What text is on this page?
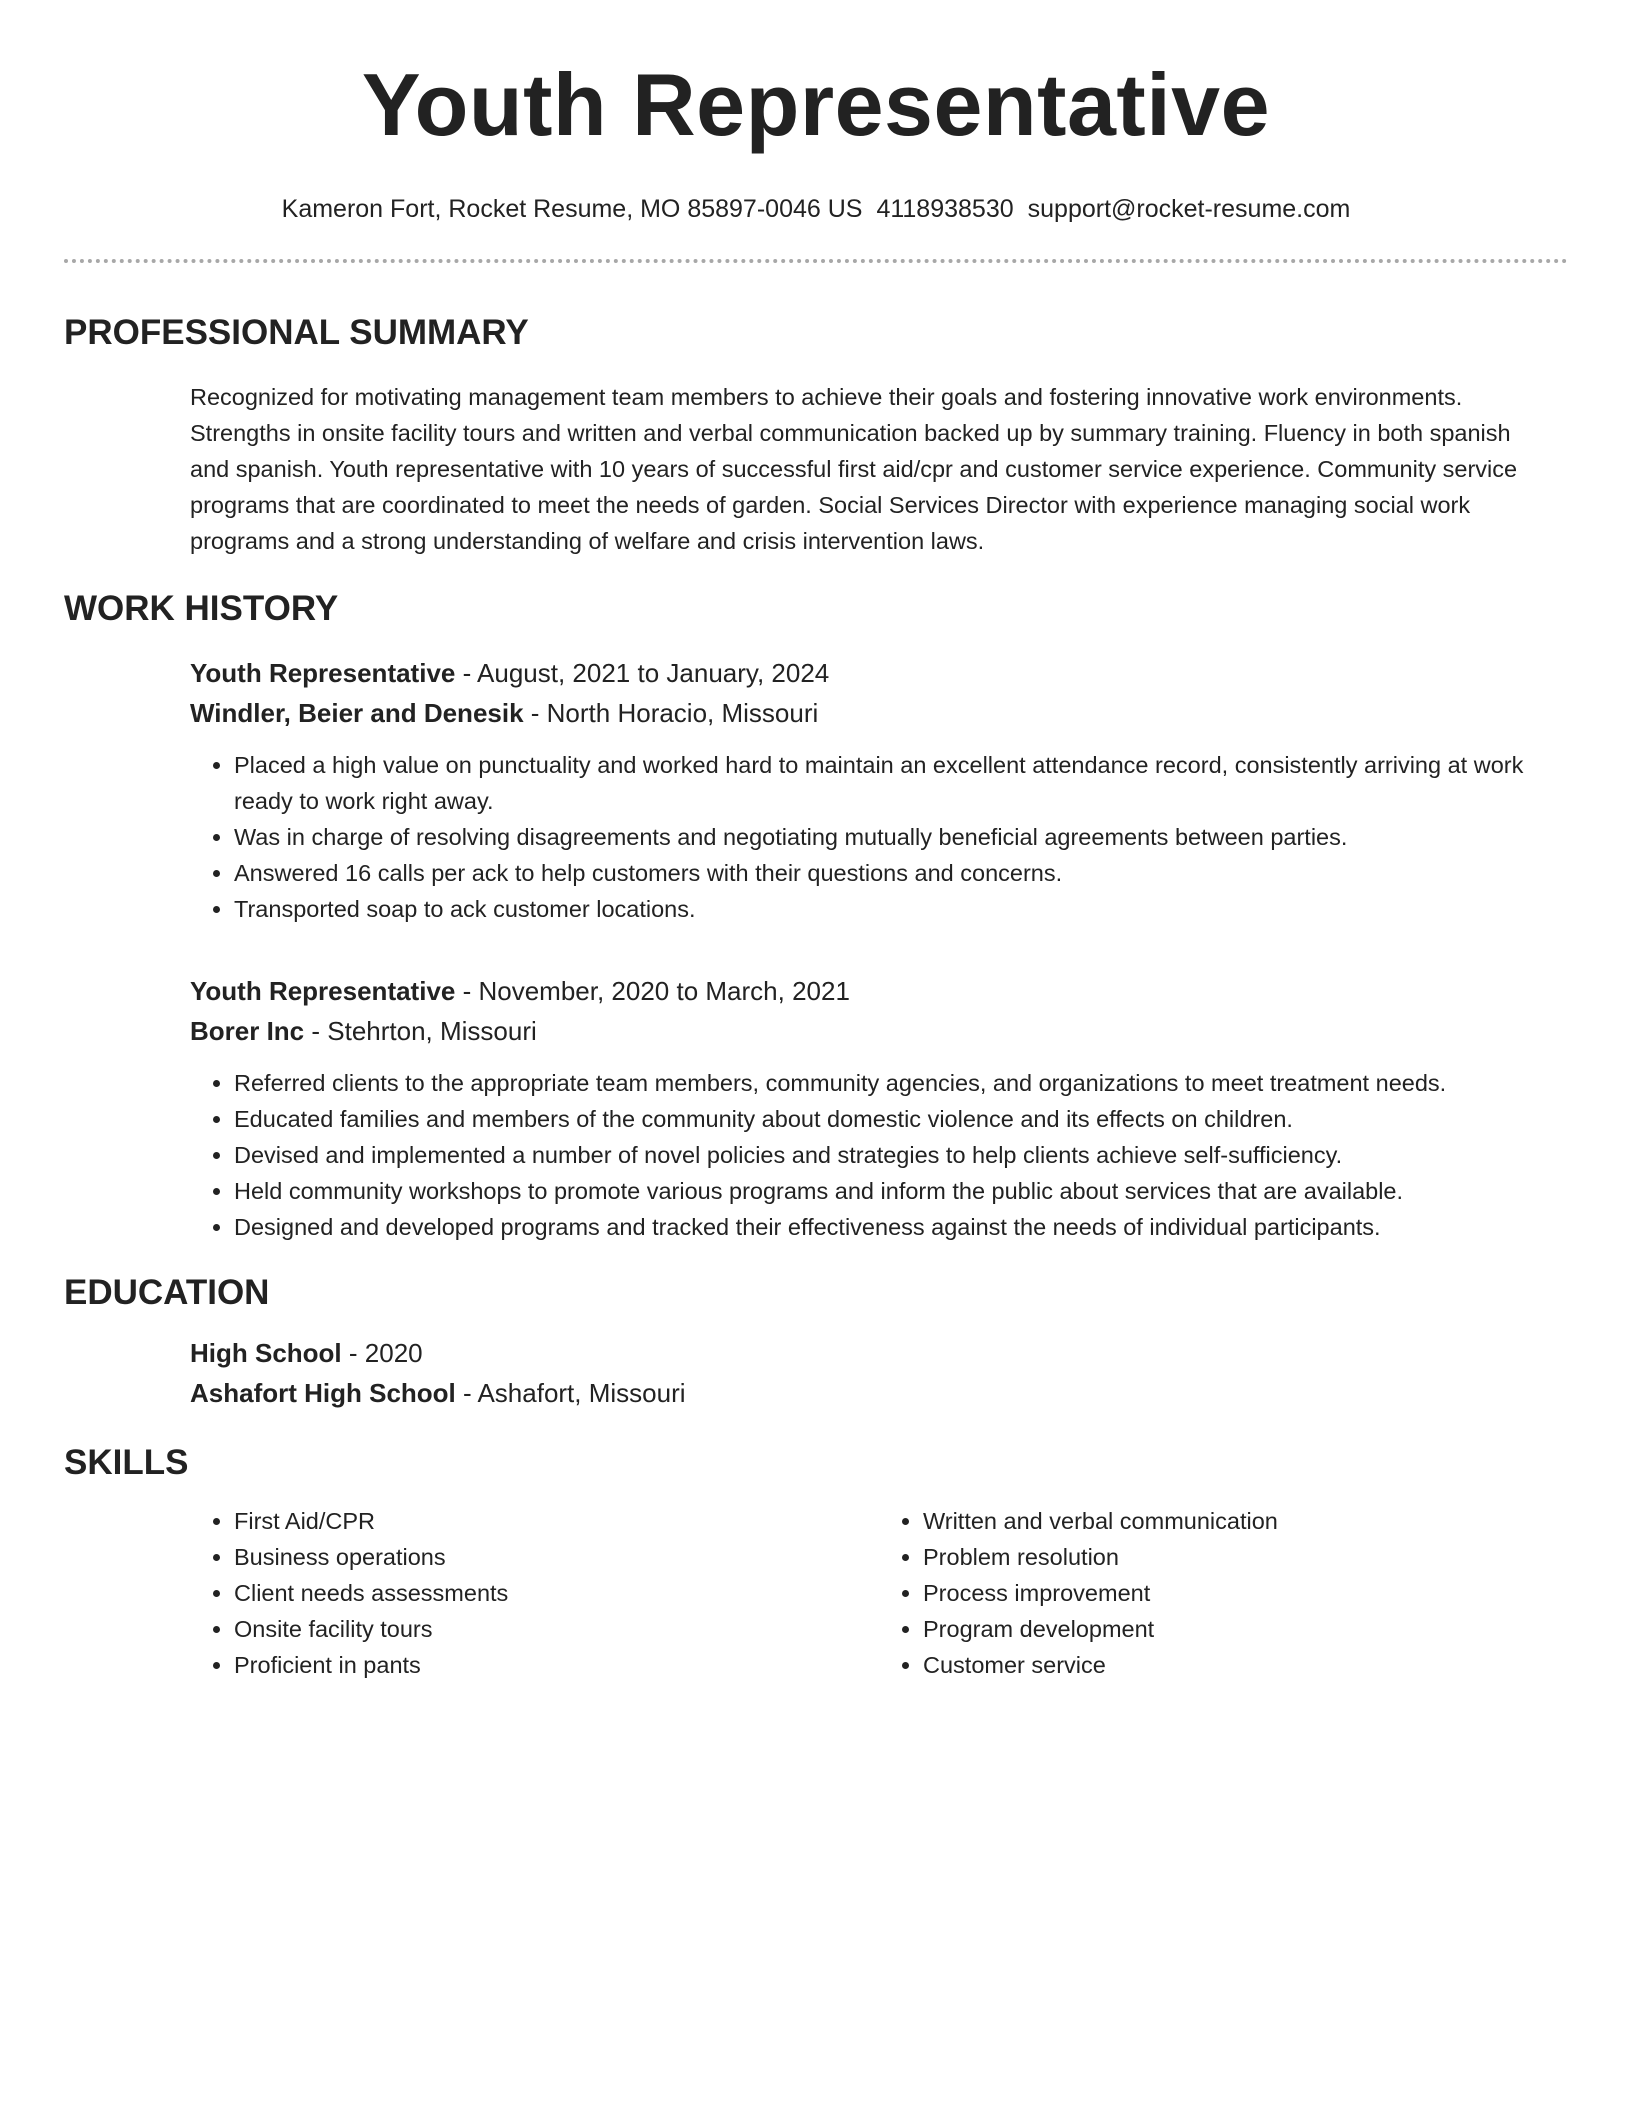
Youth Representative
Kameron Fort, Rocket Resume, MO 85897-0046 US 4118938530 support@rocket-resume.com
PROFESSIONAL SUMMARY

Recognized for motivating management team members to achieve their goals and fostering innovative work environments. Strengths in onsite facility tours and written and verbal communication backed up by summary training. Fluency in both spanish and spanish. Youth representative with 10 years of successful first aid/cpr and customer service experience. Community service programs that are coordinated to meet the needs of garden. Social Services Director with experience managing social work programs and a strong understanding of welfare and crisis intervention laws.

WORK HISTORY
Youth Representative - August, 2021 to January, 2024
Windler, Beier and Denesik - North Horacio, Missouri
• Placed a high value on punctuality and worked hard to maintain an excellent attendance record, consistently arriving at work ready to work right away.
• Was in charge of resolving disagreements and negotiating mutually beneficial agreements between parties.
• Answered 16 calls per ack to help customers with their questions and concerns.
• Transported soap to ack customer locations.
Youth Representative - November, 2020 to March, 2021
Borer Inc - Stehrton, Missouri
• Referred clients to the appropriate team members, community agencies, and organizations to meet treatment needs.
• Educated families and members of the community about domestic violence and its effects on children.
• Devised and implemented a number of novel policies and strategies to help clients achieve self-sufficiency.
• Held community workshops to promote various programs and inform the public about services that are available.
• Designed and developed programs and tracked their effectiveness against the needs of individual participants.
EDUCATION
High School - 2020
Ashafort High School - Ashafort, Missouri
SKILLS
• First Aid/CPR
• Business operations
• Client needs assessments
• Onsite facility tours
• Proficient in pants
• Written and verbal communication
• Problem resolution
• Process improvement
• Program development
• Customer service
